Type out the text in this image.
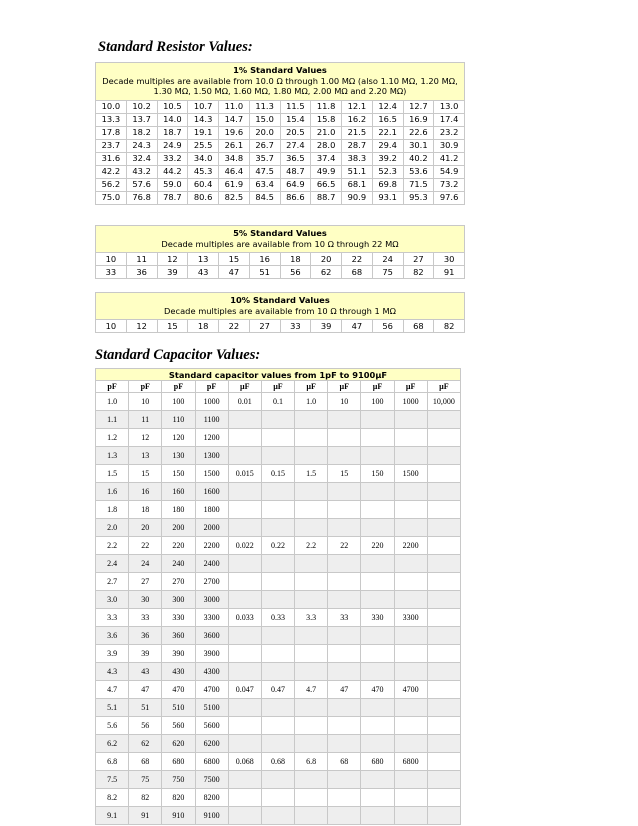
Standard Resistor Values:
1% Standard Values
Decade multiples are available from 10.0 Ω through 1.00 MΩ (also 1.10 MΩ, 1.20 MΩ, 1.30 MΩ, 1.50 MΩ, 1.60 MΩ, 1.80 MΩ, 2.00 MΩ and 2.20 MΩ)											

10.0	10.2	10.5	10.7	11.0	11.3	11.5	11.8	12.1	12.4	12.7	13.0
13.3	13.7	14.0	14.3	14.7	15.0	15.4	15.8	16.2	16.5	16.9	17.4
17.8	18.2	18.7	19.1	19.6	20.0	20.5	21.0	21.5	22.1	22.6	23.2
23.7	24.3	24.9	25.5	26.1	26.7	27.4	28.0	28.7	29.4	30.1	30.9
31.6	32.4	33.2	34.0	34.8	35.7	36.5	37.4	38.3	39.2	40.2	41.2
42.2	43.2	44.2	45.3	46.4	47.5	48.7	49.9	51.1	52.3	53.6	54.9
56.2	57.6	59.0	60.4	61.9	63.4	64.9	66.5	68.1	69.8	71.5	73.2
75.0	76.8	78.7	80.6	82.5	84.5	86.6	88.7	90.9	93.1	95.3	97.6
5% Standard Values
Decade multiples are available from 10 Ω through 22 MΩ											

10	11	12	13	15	16	18	20	22	24	27	30
33	36	39	43	47	51	56	62	68	75	82	91
10% Standard Values
Decade multiples are available from 10 Ω through 1 MΩ

10	12	15	18	22	27	33	39	47	56	68	82
Standard Capacitor Values:
Standard capacitor values from 1pF to 9100µF										
pF	pF	pF	pF	µF	µF	µF	µF	µF	µF	µF
1.0	10	100	1000	0.01	0.1	1.0	10	100	1000	10,000
1.1	11	110	1100							
1.2	12	120	1200							
1.3	13	130	1300							
1.5	15	150	1500	0.015	0.15	1.5	15	150	1500	
1.6	16	160	1600							
1.8	18	180	1800							
2.0	20	200	2000							
2.2	22	220	2200	0.022	0.22	2.2	22	220	2200	
2.4	24	240	2400							
2.7	27	270	2700							
3.0	30	300	3000							
3.3	33	330	3300	0.033	0.33	3.3	33	330	3300	
3.6	36	360	3600							
3.9	39	390	3900							
4.3	43	430	4300							
4.7	47	470	4700	0.047	0.47	4.7	47	470	4700	
5.1	51	510	5100							
5.6	56	560	5600							
6.2	62	620	6200							
6.8	68	680	6800	0.068	0.68	6.8	68	680	6800	
7.5	75	750	7500							
8.2	82	820	8200							
9.1	91	910	9100							
